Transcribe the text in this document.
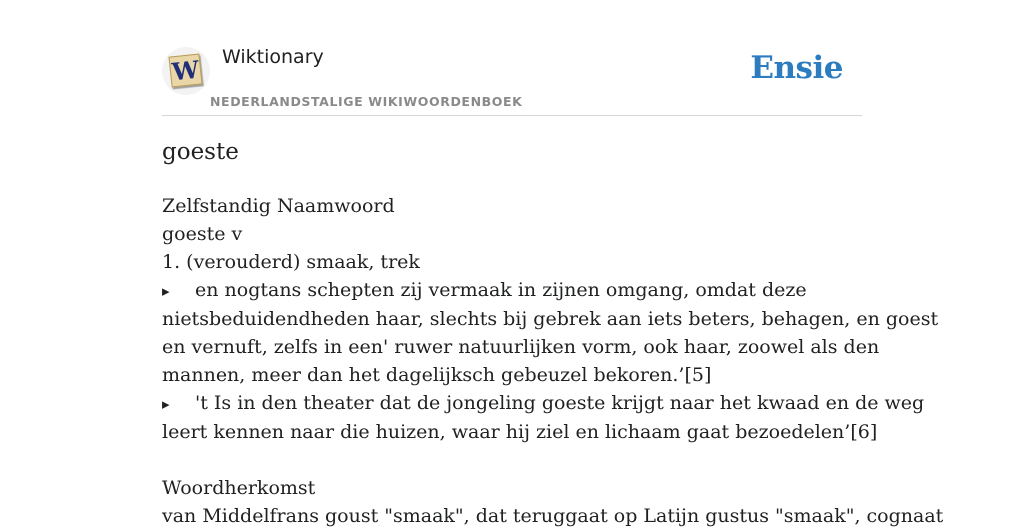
W Wiktionary
NEDERLANDSTALIGE WIKIWOORDENBOEK
Ensie
goeste
Zelfstandig Naamwoord
goeste v
1. (verouderd) smaak, trek
▸ en nogtans schepten zij vermaak in zijnen omgang, omdat deze
nietsbeduidendheden haar, slechts bij gebrek aan iets beters, behagen, en goest
en vernuft, zelfs in een' ruwer natuurlijken vorm, ook haar, zoowel als den
mannen, meer dan het dagelijksch gebeuzel bekoren.’[5]
▸ 't Is in den theater dat de jongeling goeste krijgt naar het kwaad en de weg
leert kennen naar die huizen, waar hij ziel en lichaam gaat bezoedelen’[6]
Woordherkomst
van Middelfrans goust "smaak", dat teruggaat op Latijn gustus "smaak", cognaat
